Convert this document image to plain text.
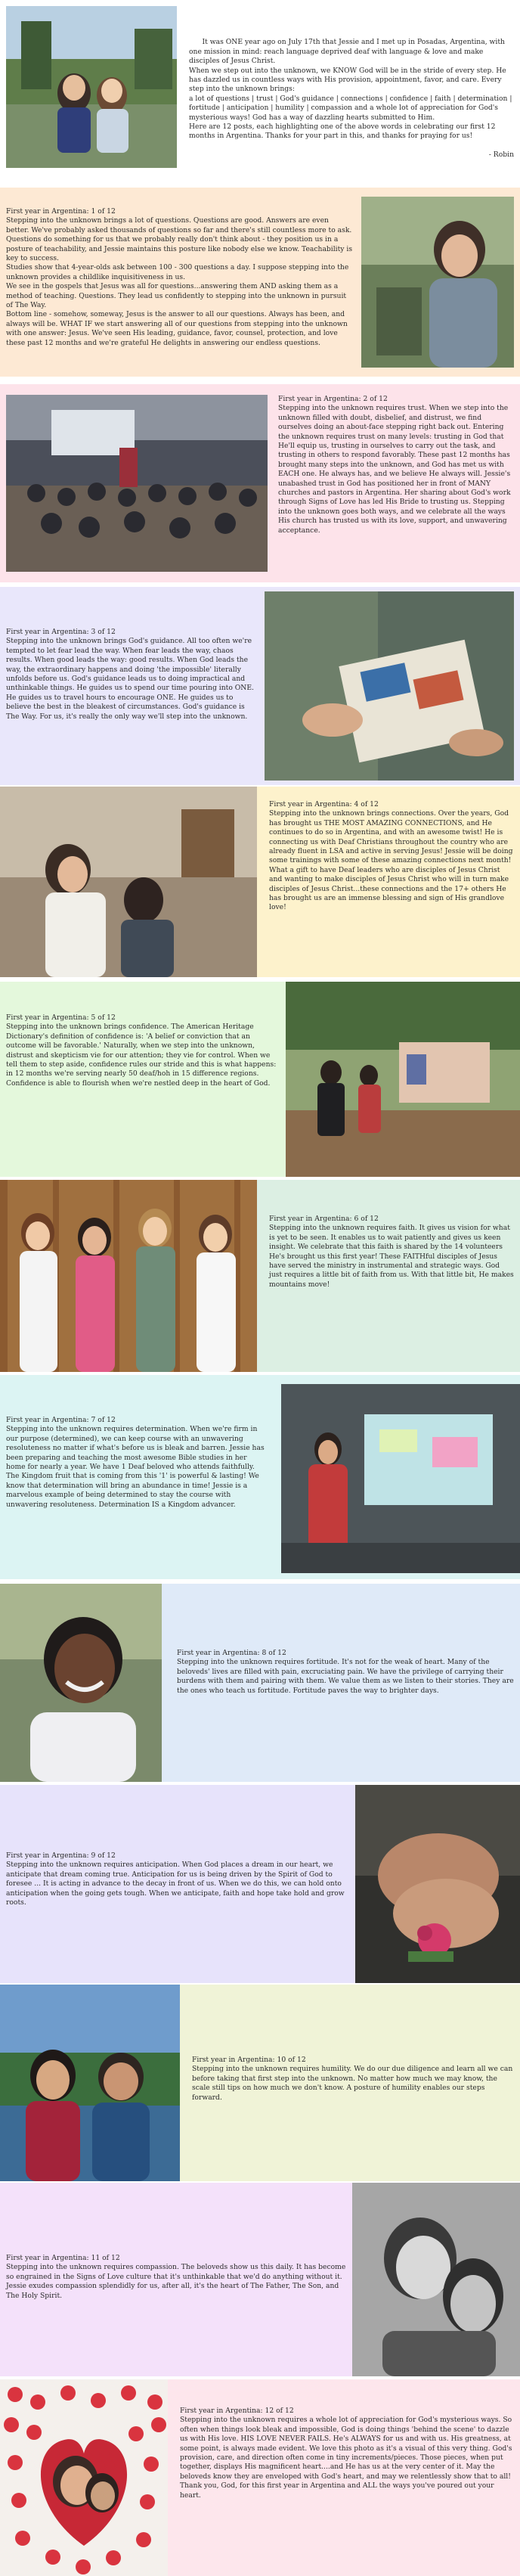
It was ONE year ago on July 17th that Jessie and I met up in Posadas, Argentina, with one mission in mind: reach language deprived deaf with language & love and make disciples of Jesus Christ.
When we step out into the unknown, we KNOW God will be in the stride of every step. He has dazzled us in countless ways with His provision, appointment, favor, and care. Every step into the unknown brings:
a lot of questions | trust | God's guidance | connections | confidence | faith | determination | fortitude | anticipation | humility | compassion and a whole lot of appreciation for God's mysterious ways! God has a way of dazzling hearts submitted to Him.
Here are 12 posts, each highlighting one of the above words in celebrating our first 12 months in Argentina. Thanks for your part in this, and thanks for praying for us!

- Robin

First year in Argentina: 1 of 12
Stepping into the unknown brings a lot of questions. Questions are good. Answers are even better. We've probably asked thousands of questions so far and there's still countless more to ask. Questions do something for us that we probably really don't think about - they position us in a posture of teachability, and Jessie maintains this posture like nobody else we know. Teachability is key to success.
Studies show that 4-year-olds ask between 100 - 300 questions a day. I suppose stepping into the unknown provides a childlike inquisitiveness in us.
We see in the gospels that Jesus was all for questions...answering them AND asking them as a method of teaching. Questions. They lead us confidently to stepping into the unknown in pursuit of The Way.
Bottom line - somehow, someway, Jesus is the answer to all our questions. Always has been, and always will be. WHAT IF we start answering all of our questions from stepping into the unknown with one answer: Jesus. We've seen His leading, guidance, favor, counsel, protection, and love these past 12 months and we're grateful He delights in answering our endless questions.
First year in Argentina: 2 of 12
Stepping into the unknown requires trust. When we step into the unknown filled with doubt, disbelief, and distrust, we find ourselves doing an about-face stepping right back out. Entering the unknown requires trust on many levels: trusting in God that He'll equip us, trusting in ourselves to carry out the task, and trusting in others to respond favorably. These past 12 months has brought many steps into the unknown, and God has met us with EACH one. He always has, and we believe He always will. Jessie's unabashed trust in God has positioned her in front of MANY churches and pastors in Argentina. Her sharing about God's work through Signs of Love has led His Bride to trusting us. Stepping into the unknown goes both ways, and we celebrate all the ways His church has trusted us with its love, support, and unwavering acceptance.
First year in Argentina: 3 of 12
Stepping into the unknown brings God's guidance. All too often we're tempted to let fear lead the way. When fear leads the way, chaos results. When good leads the way: good results. When God leads the way, the extraordinary happens and doing 'the impossible' literally unfolds before us. God's guidance leads us to doing impractical and unthinkable things. He guides us to spend our time pouring into ONE. He guides us to travel hours to encourage ONE. He guides us to believe the best in the bleakest of circumstances. God's guidance is The Way. For us, it's really the only way we'll step into the unknown.
First year in Argentina: 4 of 12
Stepping into the unknown brings connections. Over the years, God has brought us THE MOST AMAZING CONNECTIONS, and He continues to do so in Argentina, and with an awesome twist! He is connecting us with Deaf Christians throughout the country who are already fluent in LSA and active in serving Jesus! Jessie will be doing some trainings with some of these amazing connections next month! What a gift to have Deaf leaders who are disciples of Jesus Christ and wanting to make disciples of Jesus Christ who will in turn make disciples of Jesus Christ...these connections and the 17+ others He has brought us are an immense blessing and sign of His grandlove love!
First year in Argentina: 5 of 12
Stepping into the unknown brings confidence. The American Heritage Dictionary's definition of confidence is: 'A belief or conviction that an outcome will be favorable.' Naturally, when we step into the unknown, distrust and skepticism vie for our attention; they vie for control. When we tell them to step aside, confidence rules our stride and this is what happens: in 12 months we're serving nearly 50 deaf/hoh in 15 difference regions. Confidence is able to flourish when we're nestled deep in the heart of God.
First year in Argentina: 6 of 12
Stepping into the unknown requires faith. It gives us vision for what is yet to be seen. It enables us to wait patiently and gives us keen insight. We celebrate that this faith is shared by the 14 volunteers He's brought us this first year! These FAITHful disciples of Jesus have served the ministry in instrumental and strategic ways. God just requires a little bit of faith from us. With that little bit, He makes mountains move!
First year in Argentina: 7 of 12
Stepping into the unknown requires determination. When we're firm in our purpose (determined), we can keep course with an unwavering resoluteness no matter if what's before us is bleak and barren. Jessie has been preparing and teaching the most awesome Bible studies in her home for nearly a year. We have 1 Deaf beloved who attends faithfully. The Kingdom fruit that is coming from this '1' is powerful & lasting! We know that determination will bring an abundance in time! Jessie is a marvelous example of being determined to stay the course with unwavering resoluteness. Determination IS a Kingdom advancer.
First year in Argentina: 8 of 12
Stepping into the unknown requires fortitude. It's not for the weak of heart. Many of the beloveds' lives are filled with pain, excruciating pain. We have the privilege of carrying their burdens with them and pairing with them. We value them as we listen to their stories. They are the ones who teach us fortitude. Fortitude paves the way to brighter days.
First year in Argentina: 9 of 12
Stepping into the unknown requires anticipation. When God places a dream in our heart, we anticipate that dream coming true. Anticipation for us is being driven by the Spirit of God to foresee ... It is acting in advance to the decay in front of us. When we do this, we can hold onto anticipation when the going gets tough. When we anticipate, faith and hope take hold and grow roots.
First year in Argentina: 10 of 12
Stepping into the unknown requires humility. We do our due diligence and learn all we can before taking that first step into the unknown. No matter how much we may know, the scale still tips on how much we don't know. A posture of humility enables our steps forward.
First year in Argentina: 11 of 12
Stepping into the unknown requires compassion. The beloveds show us this daily. It has become so engrained in the Signs of Love culture that it's unthinkable that we'd do anything without it. Jessie exudes compassion splendidly for us, after all, it's the heart of The Father, The Son, and The Holy Spirit.
First year in Argentina: 12 of 12
Stepping into the unknown requires a whole lot of appreciation for God's mysterious ways. So often when things look bleak and impossible, God is doing things 'behind the scene' to dazzle us with His love. HIS LOVE NEVER FAILS. He's ALWAYS for us and with us. His greatness, at some point, is always made evident. We love this photo as it's a visual of this very thing. God's provision, care, and direction often come in tiny increments/pieces. Those pieces, when put together, displays His magnificent heart....and He has us at the very center of it. May the beloveds know they are enveloped with God's heart, and may we relentlessly show that to all! Thank you, God, for this first year in Argentina and ALL the ways you've poured out your heart.
